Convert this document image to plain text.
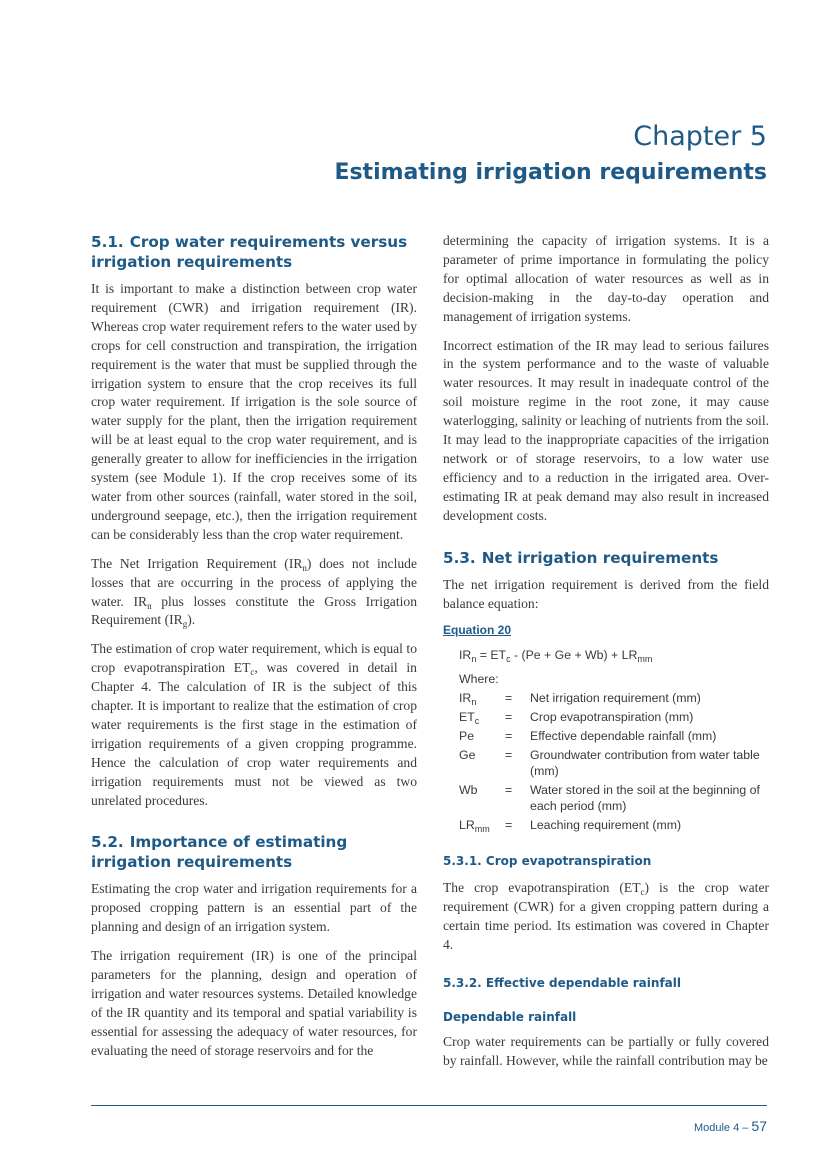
Chapter 5
Estimating irrigation requirements
5.1. Crop water requirements versus irrigation requirements

It is important to make a distinction between crop water requirement (CWR) and irrigation requirement (IR). Whereas crop water requirement refers to the water used by crops for cell construction and transpiration, the irrigation requirement is the water that must be supplied through the irrigation system to ensure that the crop receives its full crop water requirement. If irrigation is the sole source of water supply for the plant, then the irrigation requirement will be at least equal to the crop water requirement, and is generally greater to allow for inefficiencies in the irrigation system (see Module 1). If the crop receives some of its water from other sources (rainfall, water stored in the soil, underground seepage, etc.), then the irrigation requirement can be considerably less than the crop water requirement.

The Net Irrigation Requirement $(IR_n)$ does not include losses that are occurring in the process of applying the water. $IR_n$ plus losses constitute the Gross Irrigation Requirement $(IR_g)$.

The estimation of crop water requirement, which is equal to crop evapotranspiration $ET_c$, was covered in detail in Chapter 4. The calculation of IR is the subject of this chapter. It is important to realize that the estimation of crop water requirements is the first stage in the estimation of irrigation requirements of a given cropping programme. Hence the calculation of crop water requirements and irrigation requirements must not be viewed as two unrelated procedures.

5.2. Importance of estimating irrigation requirements

Estimating the crop water and irrigation requirements for a proposed cropping pattern is an essential part of the planning and design of an irrigation system.

The irrigation requirement (IR) is one of the principal parameters for the planning, design and operation of irrigation and water resources systems. Detailed knowledge of the IR quantity and its temporal and spatial variability is essential for assessing the adequacy of water resources, for evaluating the need of storage reservoirs and for the

determining the capacity of irrigation systems. It is a parameter of prime importance in formulating the policy for optimal allocation of water resources as well as in decision-making in the day-to-day operation and management of irrigation systems.

Incorrect estimation of the IR may lead to serious failures in the system performance and to the waste of valuable water resources. It may result in inadequate control of the soil moisture regime in the root zone, it may cause waterlogging, salinity or leaching of nutrients from the soil. It may lead to the inappropriate capacities of the irrigation network or of storage reservoirs, to a low water use efficiency and to a reduction in the irrigated area. Over-estimating IR at peak demand may also result in increased development costs.

5.3. Net irrigation requirements

The net irrigation requirement is derived from the field balance equation:

Equation 20
$IR_n = ET_c - (Pe + Ge + Wb) + LR_{mm}$
Where:
$IR_n$	=	Net irrigation requirement (mm)
$ET_c$	=	Crop evapotranspiration (mm)
Pe	=	Effective dependable rainfall (mm)
Ge	=	Groundwater contribution from water table (mm)
Wb	=	Water stored in the soil at the beginning of each period (mm)
$LR_{mm}$	=	Leaching requirement (mm)
5.3.1. Crop evapotranspiration

The crop evapotranspiration $(ET_c)$ is the crop water requirement (CWR) for a given cropping pattern during a certain time period. Its estimation was covered in Chapter 4.

5.3.2. Effective dependable rainfall
Dependable rainfall

Crop water requirements can be partially or fully covered by rainfall. However, while the rainfall contribution may be

Module 4 – 57
